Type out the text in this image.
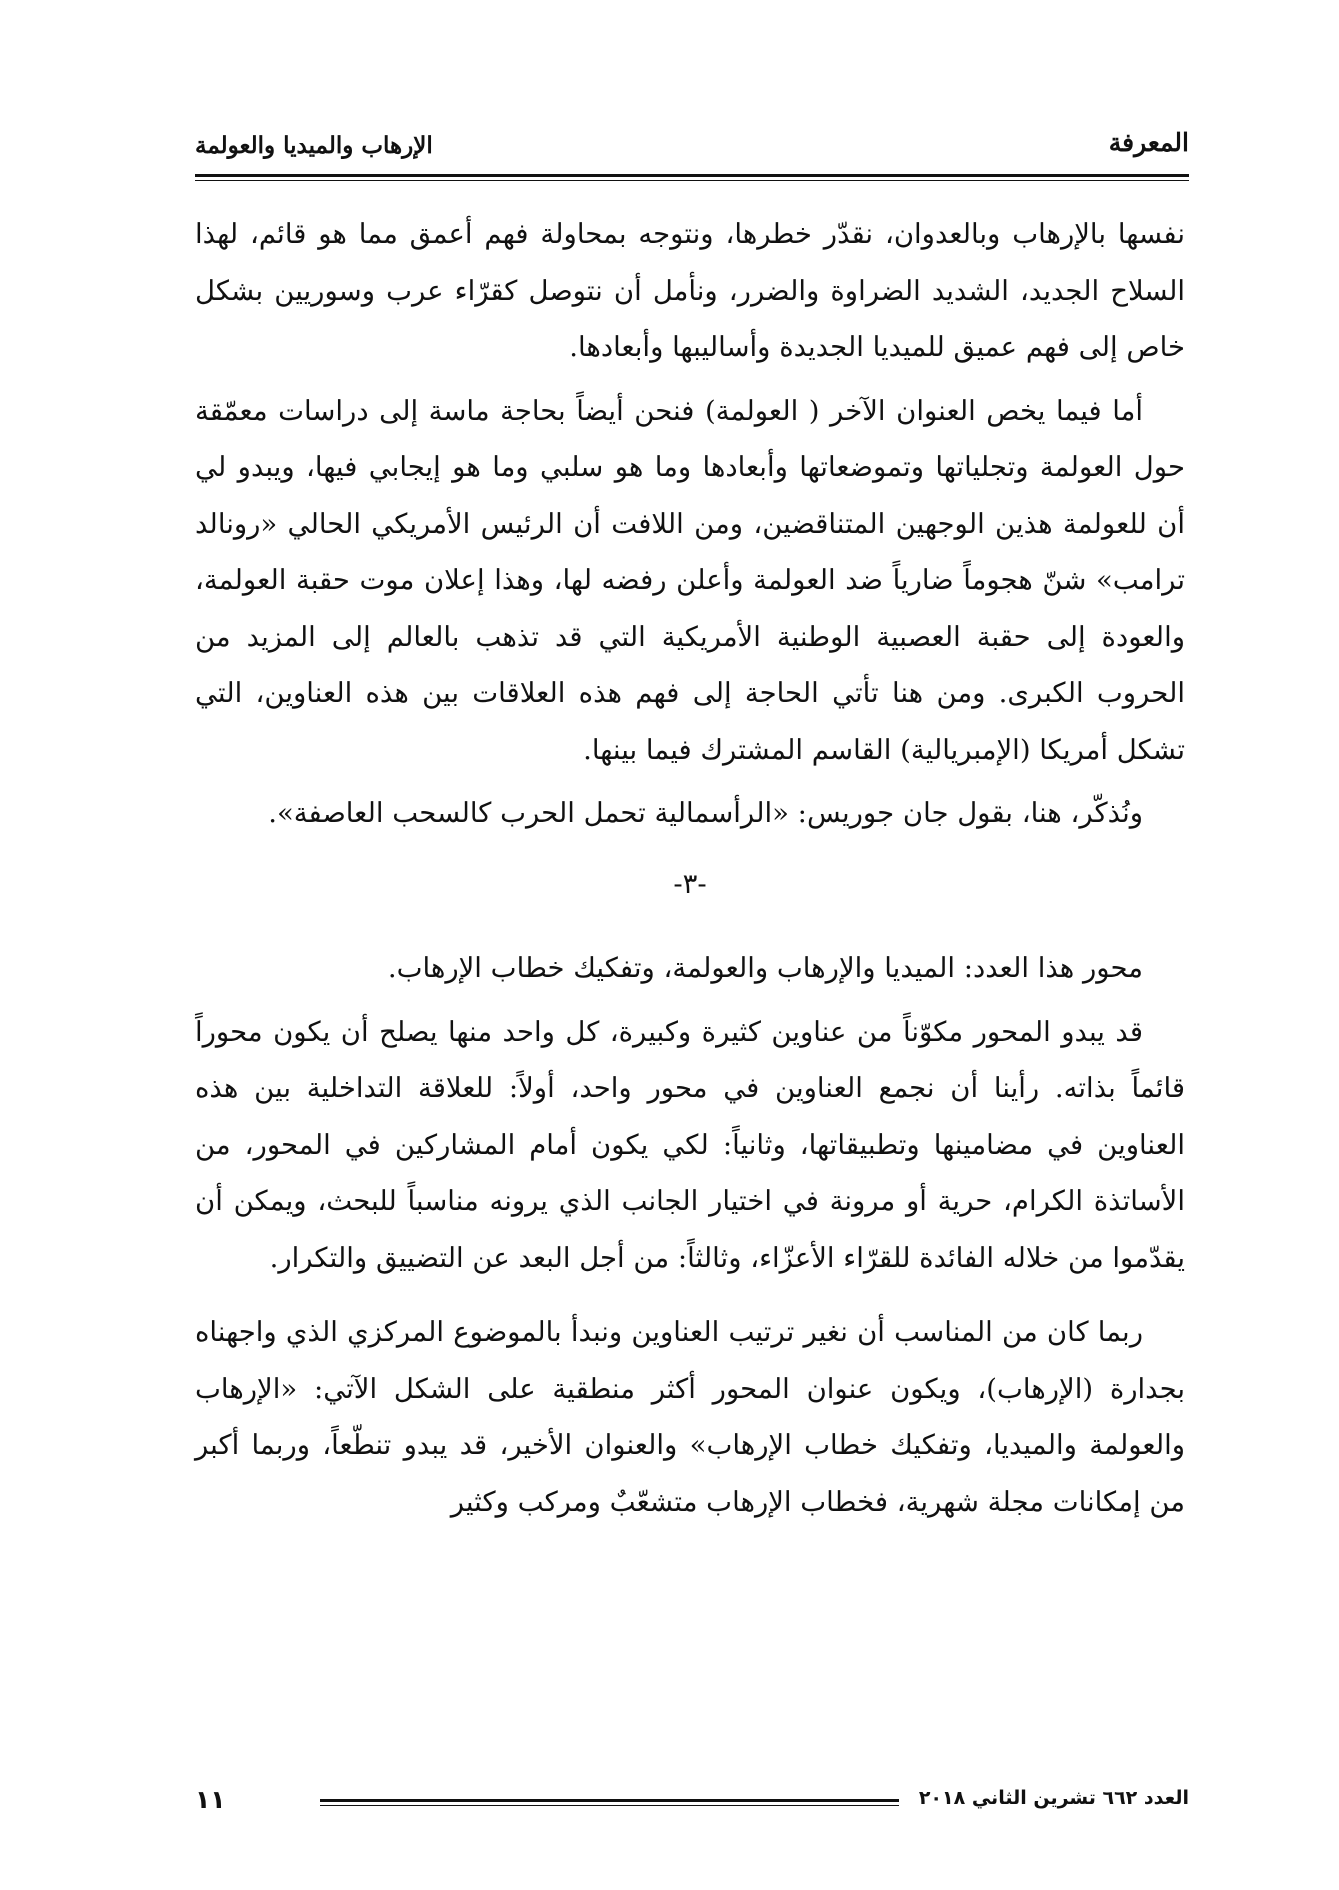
الإرهاب والميديا والعولمة	المعرفة

نفسها بالإرهاب وبالعدوان، نقدّر خطرها، ونتوجه بمحاولة فهم أعمق مما هو قائم، لهذا السلاح الجديد، الشديد الضراوة والضرر، ونأمل أن نتوصل كقرّاء عرب وسوريين بشكل خاص إلى فهم عميق للميديا الجديدة وأساليبها وأبعادها.

أما فيما يخص العنوان الآخر ( العولمة) فنحن أيضاً بحاجة ماسة إلى دراسات معمّقة حول العولمة وتجلياتها وتموضعاتها وأبعادها وما هو سلبي وما هو إيجابي فيها، ويبدو لي أن للعولمة هذين الوجهين المتناقضين، ومن اللافت أن الرئيس الأمريكي الحالي «رونالد ترامب» شنّ هجوماً ضارياً ضد العولمة وأعلن رفضه لها، وهذا إعلان موت حقبة العولمة، والعودة إلى حقبة العصبية الوطنية الأمريكية التي قد تذهب بالعالم إلى المزيد من الحروب الكبرى. ومن هنا تأتي الحاجة إلى فهم هذه العلاقات بين هذه العناوين، التي تشكل أمريكا (الإمبريالية) القاسم المشترك فيما بينها.

ونُذكّر، هنا، بقول جان جوريس: «الرأسمالية تحمل الحرب كالسحب العاصفة».

-٣-

محور هذا العدد: الميديا والإرهاب والعولمة، وتفكيك خطاب الإرهاب.

قد يبدو المحور مكوّناً من عناوين كثيرة وكبيرة، كل واحد منها يصلح أن يكون محوراً قائماً بذاته. رأينا أن نجمع العناوين في محور واحد، أولاً: للعلاقة التداخلية بين هذه العناوين في مضامينها وتطبيقاتها، وثانياً: لكي يكون أمام المشاركين في المحور، من الأساتذة الكرام، حرية أو مرونة في اختيار الجانب الذي يرونه مناسباً للبحث، ويمكن أن يقدّموا من خلاله الفائدة للقرّاء الأعزّاء، وثالثاً: من أجل البعد عن التضييق والتكرار.

ربما كان من المناسب أن نغير ترتيب العناوين ونبدأ بالموضوع المركزي الذي واجهناه بجدارة (الإرهاب)، ويكون عنوان المحور أكثر منطقية على الشكل الآتي: «الإرهاب والعولمة والميديا، وتفكيك خطاب الإرهاب» والعنوان الأخير، قد يبدو تنطّعاً، وربما أكبر من إمكانات مجلة شهرية، فخطاب الإرهاب متشعّبٌ ومركب وكثير

١١	العدد ٦٦٢ تشرين الثاني ٢٠١٨
